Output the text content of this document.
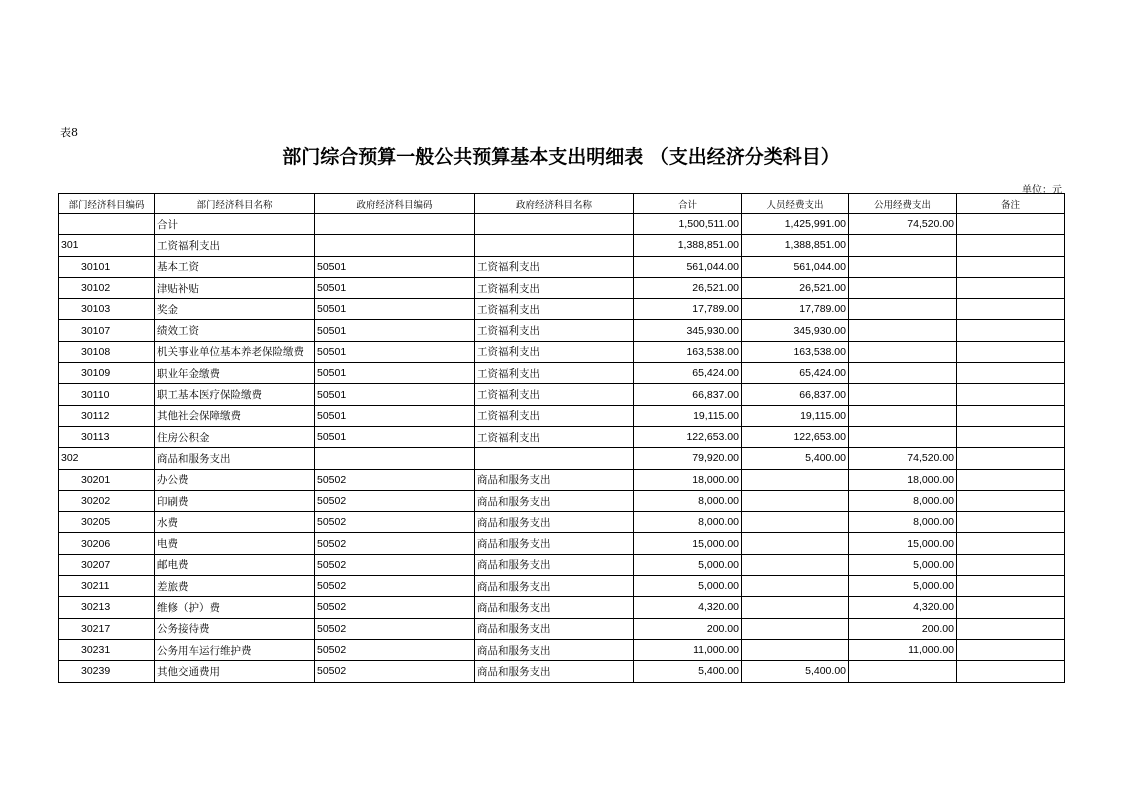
表8
部门综合预算一般公共预算基本支出明细表 （支出经济分类科目）
单位：元
部门经济科目编码	部门经济科目名称	政府经济科目编码	政府经济科目名称	合计	人员经费支出	公用经费支出	备注
	合计			1,500,511.00	1,425,991.00	74,520.00	
301	工资福利支出			1,388,851.00	1,388,851.00		
30101	基本工资	50501	工资福利支出	561,044.00	561,044.00		
30102	津贴补贴	50501	工资福利支出	26,521.00	26,521.00		
30103	奖金	50501	工资福利支出	17,789.00	17,789.00		
30107	绩效工资	50501	工资福利支出	345,930.00	345,930.00		
30108	机关事业单位基本养老保险缴费	50501	工资福利支出	163,538.00	163,538.00		
30109	职业年金缴费	50501	工资福利支出	65,424.00	65,424.00		
30110	职工基本医疗保险缴费	50501	工资福利支出	66,837.00	66,837.00		
30112	其他社会保障缴费	50501	工资福利支出	19,115.00	19,115.00		
30113	住房公积金	50501	工资福利支出	122,653.00	122,653.00		
302	商品和服务支出			79,920.00	5,400.00	74,520.00	
30201	办公费	50502	商品和服务支出	18,000.00		18,000.00	
30202	印刷费	50502	商品和服务支出	8,000.00		8,000.00	
30205	水费	50502	商品和服务支出	8,000.00		8,000.00	
30206	电费	50502	商品和服务支出	15,000.00		15,000.00	
30207	邮电费	50502	商品和服务支出	5,000.00		5,000.00	
30211	差旅费	50502	商品和服务支出	5,000.00		5,000.00	
30213	维修（护）费	50502	商品和服务支出	4,320.00		4,320.00	
30217	公务接待费	50502	商品和服务支出	200.00		200.00	
30231	公务用车运行维护费	50502	商品和服务支出	11,000.00		11,000.00	
30239	其他交通费用	50502	商品和服务支出	5,400.00	5,400.00		
